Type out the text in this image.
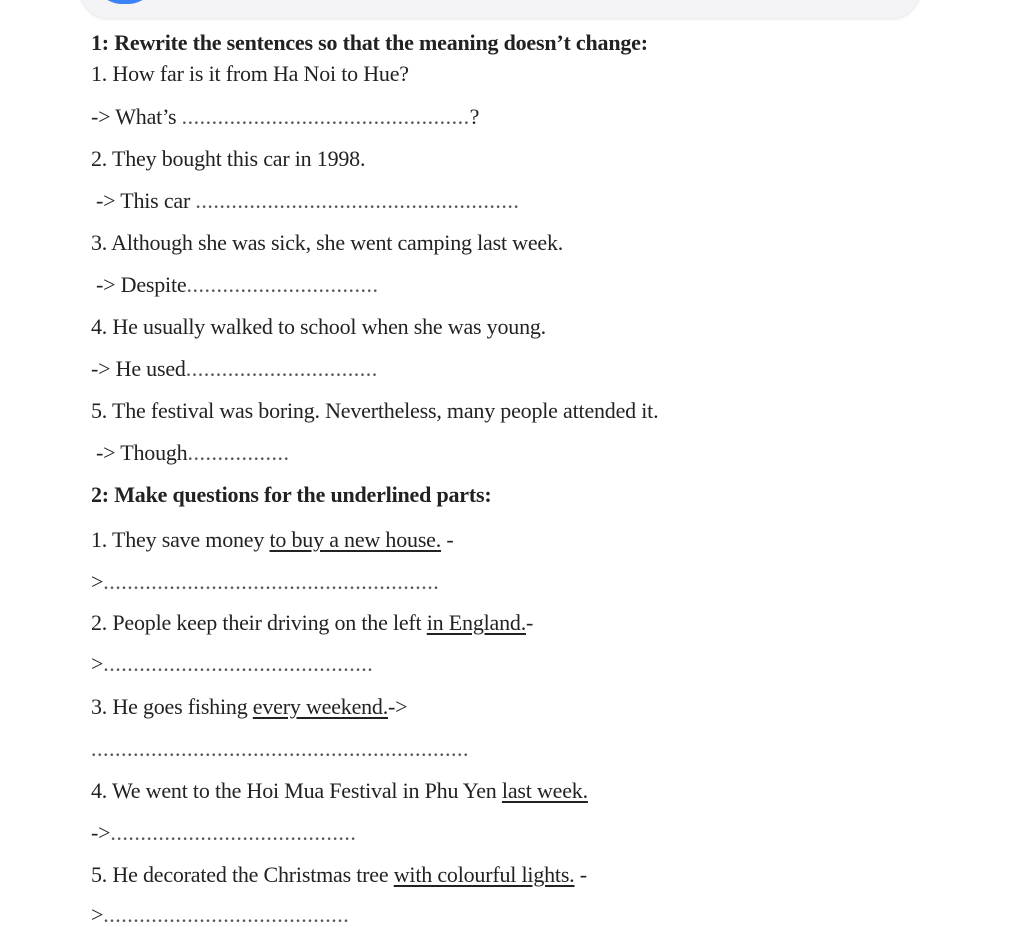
1: Rewrite the sentences so that the meaning doesn’t change:
1. How far is it from Ha Noi to Hue?
-> What’s ................................................?
2. They bought this car in 1998.
-> This car ......................................................
3. Although she was sick, she went camping last week.
-> Despite................................
4. He usually walked to school when she was young.
-> He used................................
5. The festival was boring. Nevertheless, many people attended it.
-> Though.................
2: Make questions for the underlined parts:
1. They save money to buy a new house. -
>........................................................
2. People keep their driving on the left in England.-
>.............................................
3. He goes fishing every weekend.->
...............................................................
4. We went to the Hoi Mua Festival in Phu Yen last week.
->.........................................
5. He decorated the Christmas tree with colourful lights. -
>.........................................
